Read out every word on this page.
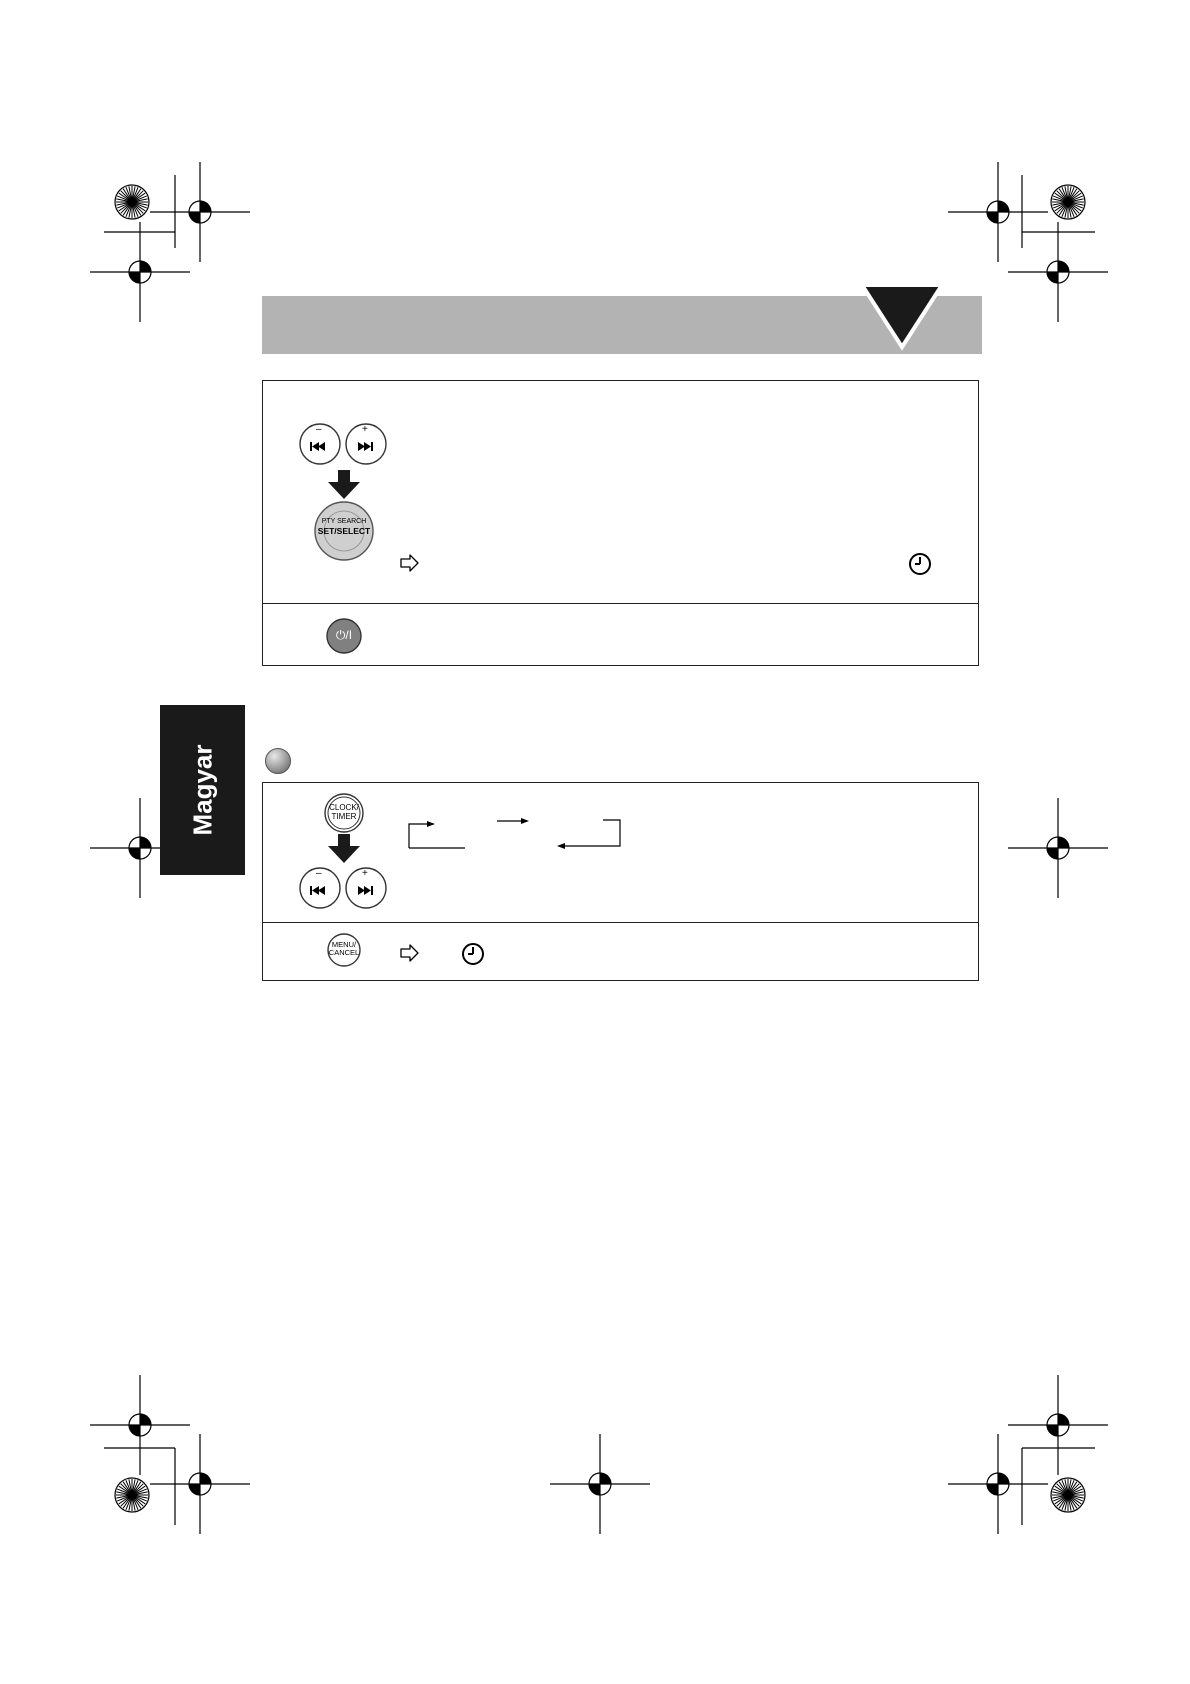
–	+
PTY SEARCH
SET/SELECT
⏻/I
Magyar	CLOCK/
TIMER
–	+
MENU/
CANCEL
